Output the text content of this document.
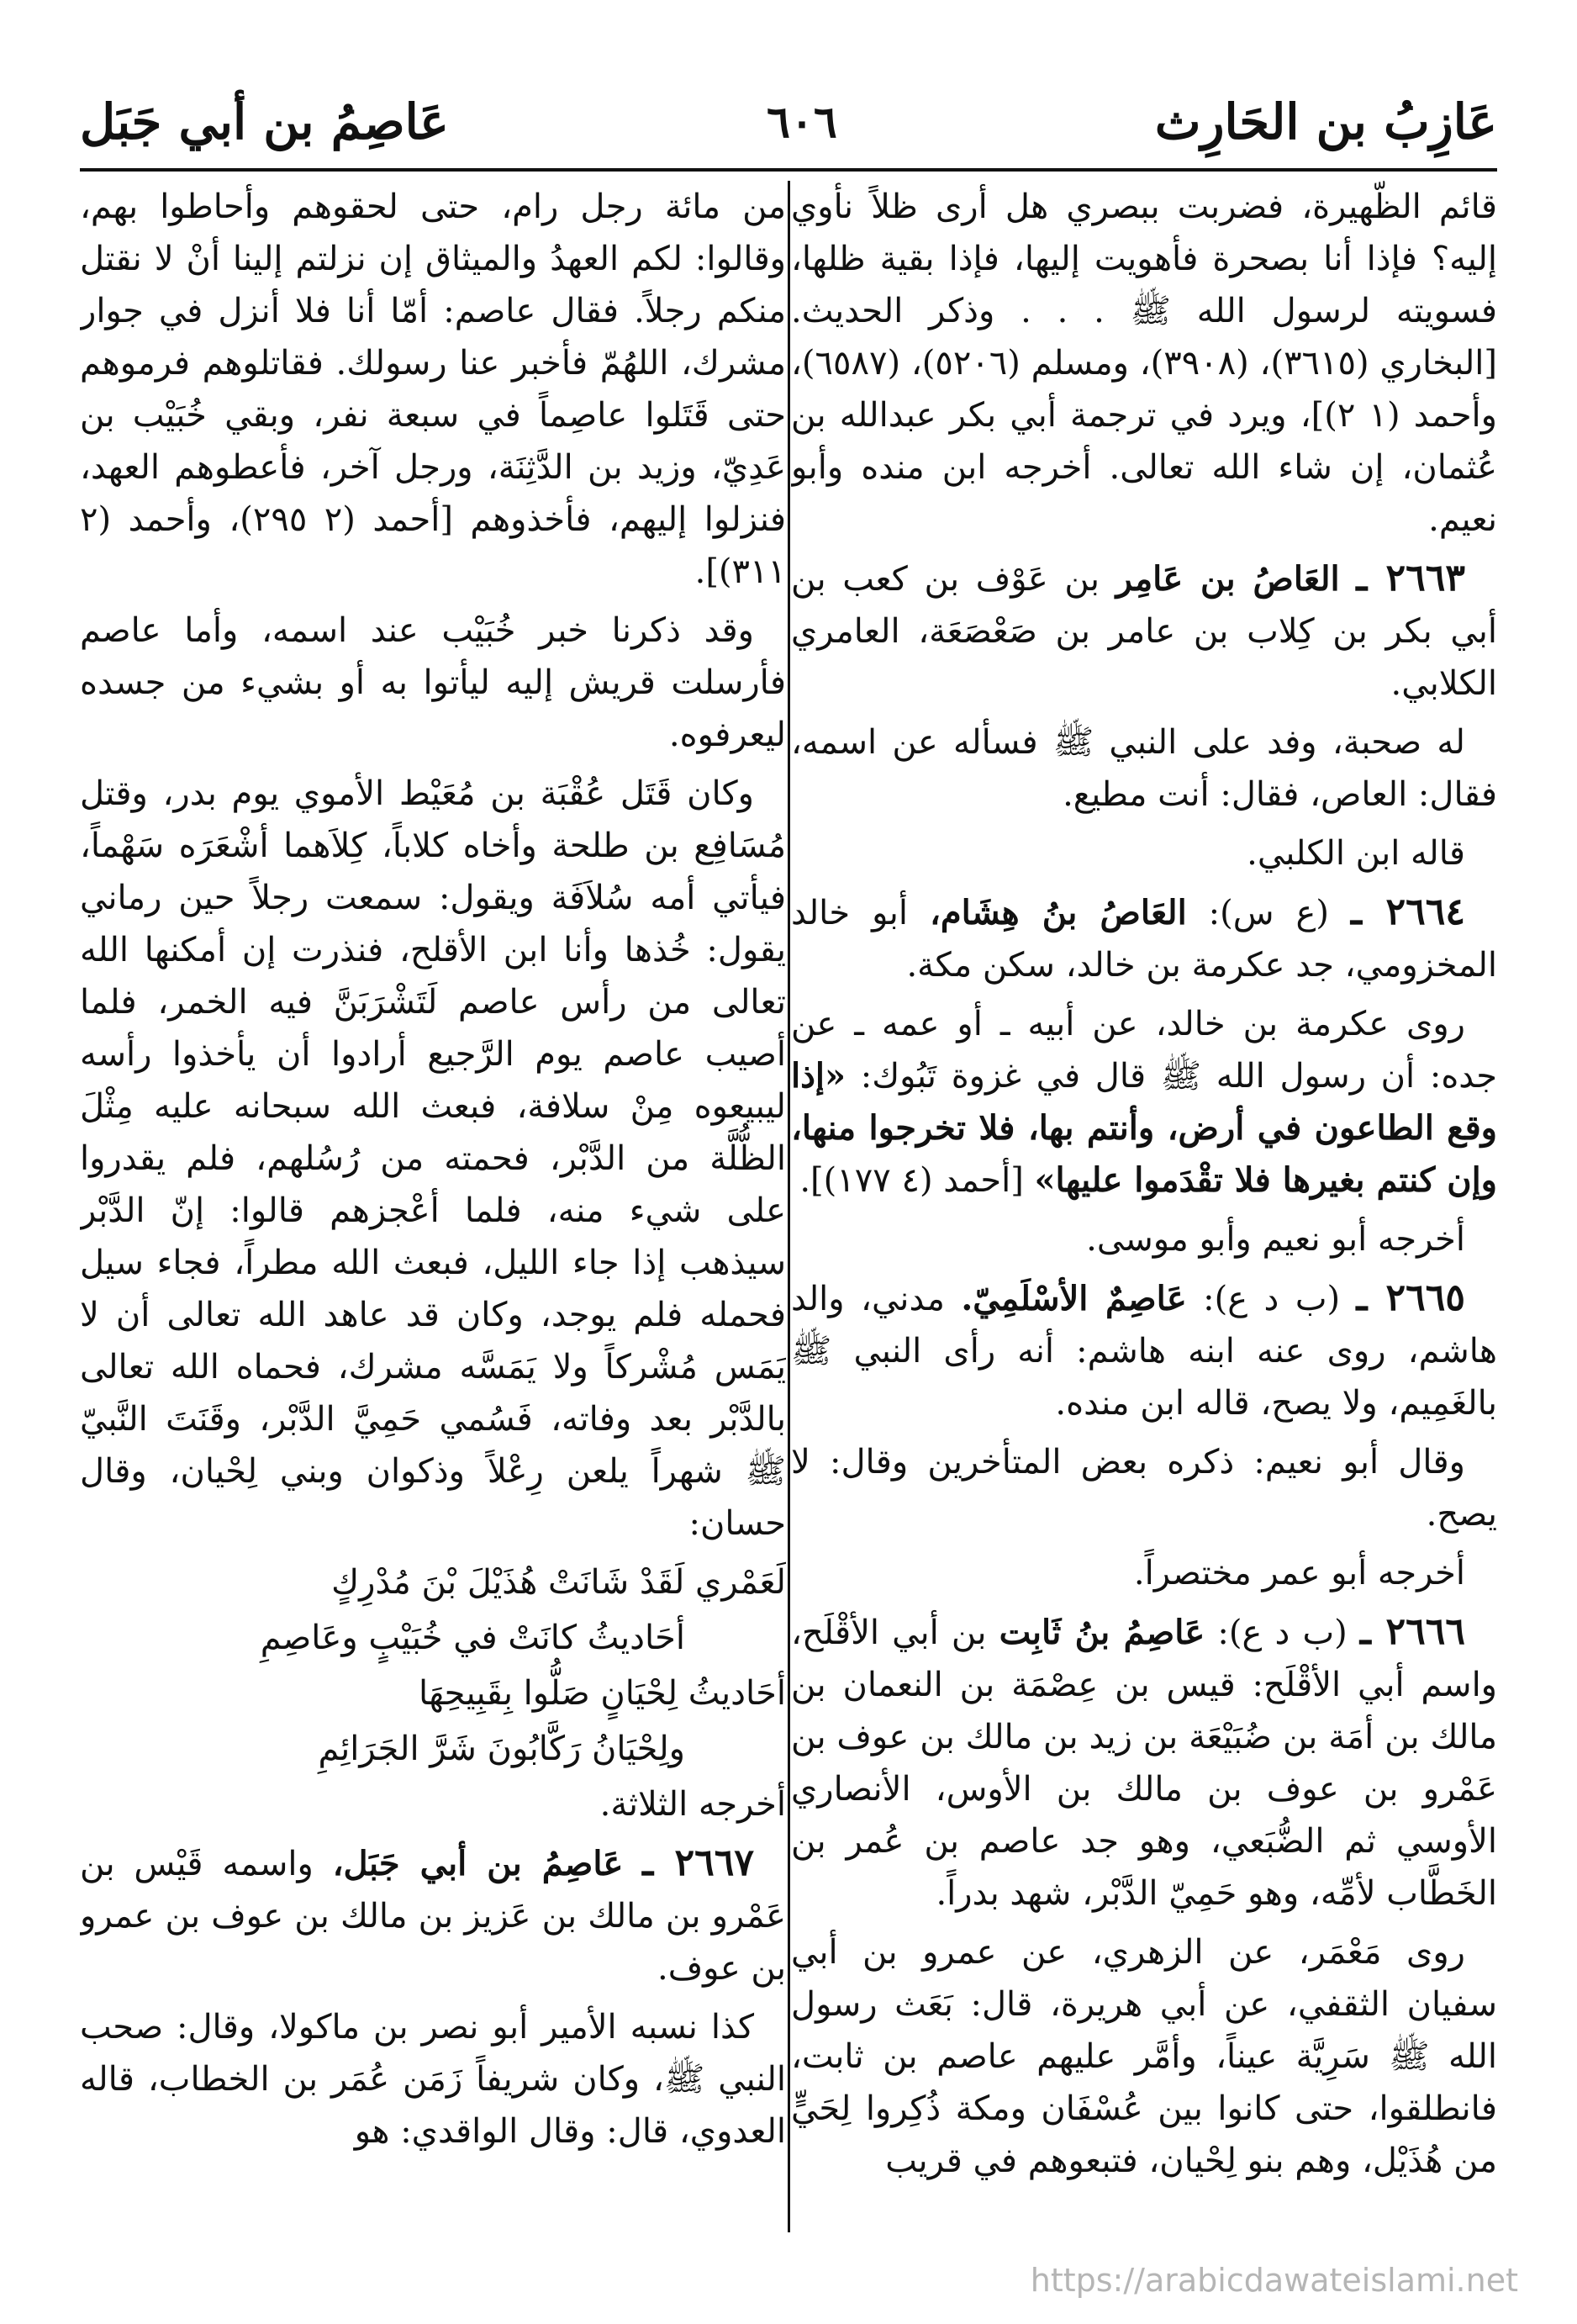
عَازِبُ بن الحَارِث
٦٠٦
عَاصِمُ بن أبي جَبَل

قائم الظَّهيرة، فضربت ببصري هل أرى ظلاً نأوي إليه؟ فإذا أنا بصحرة فأهويت إليها، فإذا بقية ظلها، فسويته لرسول الله ﷺ . . . وذكر الحديث. [البخاري (٣٦١٥)، (٣٩٠٨)، ومسلم (٥٢٠٦)، (٦٥٨٧)، وأحمد (١ ٢)]، ويرد في ترجمة أبي بكر عبدالله بن عُثمان، إن شاء الله تعالى. أخرجه ابن منده وأبو نعيم.

٢٦٦٣ ـ العَاصُ بن عَامِر بن عَوْف بن كعب بن أبي بكر بن كِلاب بن عامر بن صَعْصَعَة، العامري الكلابي.

له صحبة، وفد على النبي ﷺ فسأله عن اسمه، فقال: العاص، فقال: أنت مطيع.

قاله ابن الكلبي.

٢٦٦٤ ـ (ع س): العَاصُ بنُ هِشَام، أبو خالد المخزومي، جد عكرمة بن خالد، سكن مكة.

روى عكرمة بن خالد، عن أبيه ـ أو عمه ـ عن جده: أن رسول الله ﷺ قال في غزوة تَبُوك: «إذا وقع الطاعون في أرض، وأنتم بها، فلا تخرجوا منها، وإن كنتم بغيرها فلا تقْدَموا عليها» [أحمد (٤ ١٧٧)].

أخرجه أبو نعيم وأبو موسى.

٢٦٦٥ ـ (ب د ع): عَاصِمٌ الأسْلَمِيّ. مدني، والد هاشم، روى عنه ابنه هاشم: أنه رأى النبي ﷺ بالغَمِيم، ولا يصح، قاله ابن منده.

وقال أبو نعيم: ذكره بعض المتأخرين وقال: لا يصح.

أخرجه أبو عمر مختصراً.

٢٦٦٦ ـ (ب د ع): عَاصِمُ بنُ ثَابِت بن أبي الأقْلَح، واسم أبي الأقْلَح: قيس بن عِصْمَة بن النعمان بن مالك بن أمَة بن ضُبَيْعَة بن زيد بن مالك بن عوف بن عَمْرو بن عوف بن مالك بن الأوس، الأنصاري الأوسي ثم الضُّبَعي، وهو جد عاصم بن عُمر بن الخَطَّاب لأمِّه، وهو حَمِيّ الدَّبْر، شهد بدراً.

روى مَعْمَر، عن الزهري، عن عمرو بن أبي سفيان الثقفي، عن أبي هريرة، قال: بَعَث رسول الله ﷺ سَرِيَّة عيناً، وأمَّر عليهم عاصم بن ثابت، فانطلقوا، حتى كانوا بين عُسْفَان ومكة ذُكِروا لِحَيٍّ من هُذَيْل، وهم بنو لِحْيان، فتبعوهم في قريب

من مائة رجل رام، حتى لحقوهم وأحاطوا بهم، وقالوا: لكم العهدُ والميثاق إن نزلتم إلينا أنْ لا نقتل منكم رجلاً. فقال عاصم: أمّا أنا فلا أنزل في جوار مشرك، اللهُمّ فأخبر عنا رسولك. فقاتلوهم فرموهم حتى قَتَلوا عاصِماً في سبعة نفر، وبقي خُبَيْب بن عَدِيّ، وزيد بن الدَّثِنَة، ورجل آخر، فأعطوهم العهد، فنزلوا إليهم، فأخذوهم [أحمد (٢ ٢٩٥)، وأحمد (٢ ٣١١)].

وقد ذكرنا خبر خُبَيْب عند اسمه، وأما عاصم فأرسلت قريش إليه ليأتوا به أو بشيء من جسده ليعرفوه.

وكان قَتَل عُقْبَة بن مُعَيْط الأموي يوم بدر، وقتل مُسَافِع بن طلحة وأخاه كلاباً، كِلاَهما أشْعَرَه سَهْماً، فيأتي أمه سُلاَفَة ويقول: سمعت رجلاً حين رماني يقول: خُذها وأنا ابن الأقلح، فنذرت إن أمكنها الله تعالى من رأس عاصم لَتَشْرَبَنَّ فيه الخمر، فلما أصيب عاصم يوم الرَّجيع أرادوا أن يأخذوا رأسه ليبيعوه مِنْ سلافة، فبعث الله سبحانه عليه مِثْلَ الظُّلَّة من الدَّبْر، فحمته من رُسُلهم، فلم يقدروا على شيء منه، فلما أعْجزهم قالوا: إنّ الدَّبْر سيذهب إذا جاء الليل، فبعث الله مطراً، فجاء سيل فحمله فلم يوجد، وكان قد عاهد الله تعالى أن لا يَمَس مُشْركاً ولا يَمَسَّه مشرك، فحماه الله تعالى بالدَّبْر بعد وفاته، فَسُمي حَمِيَّ الدَّبْر، وقَنَتَ النَّبيّ ﷺ شهراً يلعن رِعْلاً وذكوان وبني لِحْيان، وقال حسان:

لَعَمْري لَقَدْ شَانَتْ هُذَيْلَ بْنَ مُدْرِكٍ
أحَاديثُ كانَتْ في خُبَيْبٍ وعَاصِمِ
أحَاديثُ لِحْيَانٍ صَلُّوا بِقَبِيحِهَا
ولِحْيَانُ رَكَّابُونَ شَرَّ الجَرَائِمِ

أخرجه الثلاثة.

٢٦٦٧ ـ عَاصِمُ بن أبي جَبَل، واسمه قَيْس بن عَمْرو بن مالك بن عَزيز بن مالك بن عوف بن عمرو بن عوف.

كذا نسبه الأمير أبو نصر بن ماكولا، وقال: صحب النبي ﷺ، وكان شريفاً زَمَن عُمَر بن الخطاب، قاله العدوي، قال: وقال الواقدي: هو

https://arabicdawateislami.net
